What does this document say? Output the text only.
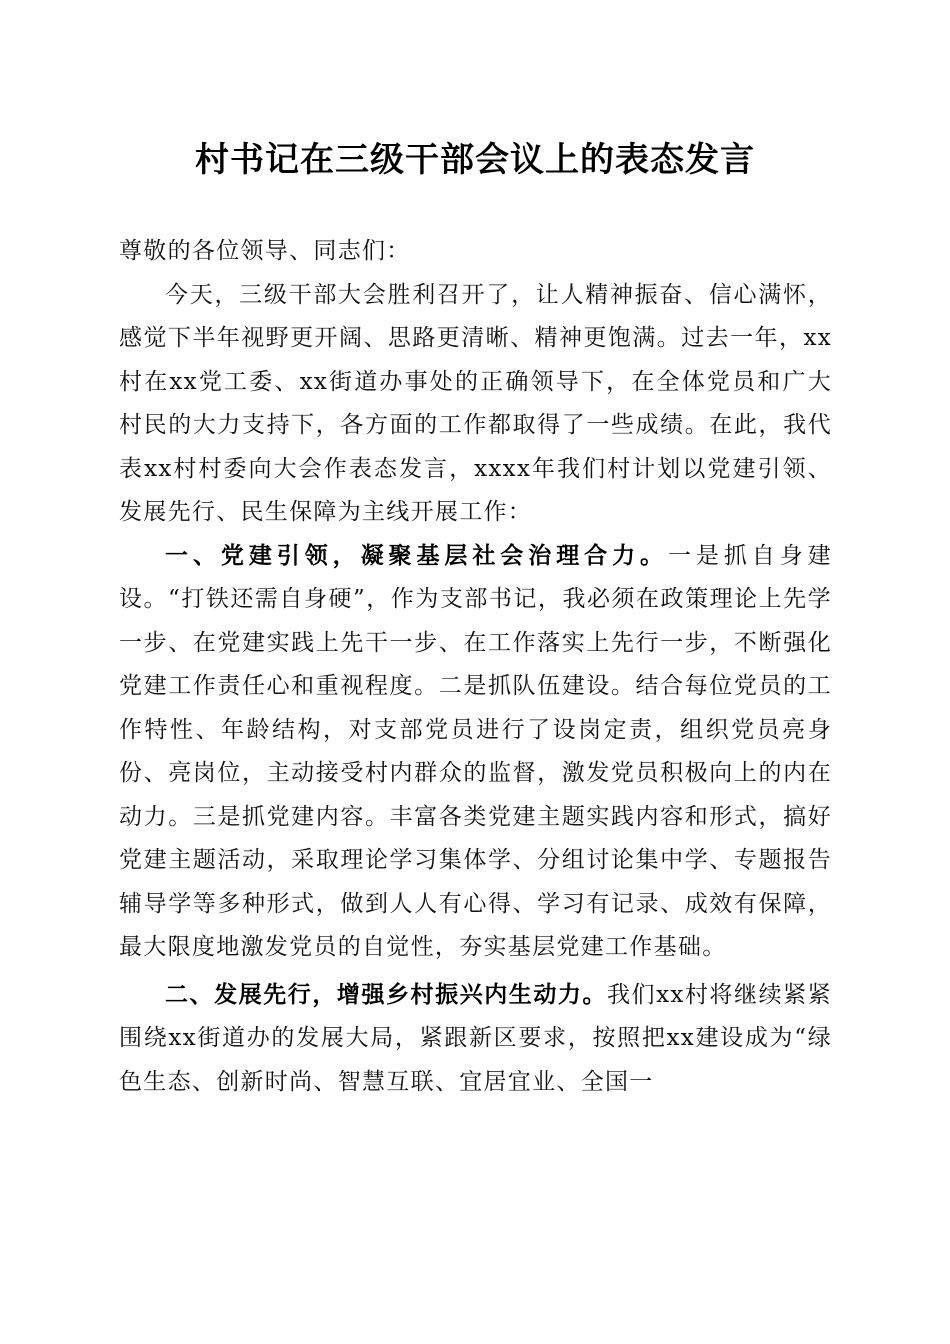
村书记在三级干部会议上的表态发言

尊敬的各位领导、同志们：

今天，三级干部大会胜利召开了，让人精神振奋、信心满怀，感觉下半年视野更开阔、思路更清晰、精神更饱满。过去一年，xx村在xx党工委、xx街道办事处的正确领导下，在全体党员和广大村民的大力支持下，各方面的工作都取得了一些成绩。在此，我代表xx村村委向大会作表态发言，xxxx年我们村计划以党建引领、发展先行、民生保障为主线开展工作：

一、党建引领，凝聚基层社会治理合力。一是抓自身建设。“打铁还需自身硬”，作为支部书记，我必须在政策理论上先学一步、在党建实践上先干一步、在工作落实上先行一步，不断强化党建工作责任心和重视程度。二是抓队伍建设。结合每位党员的工作特性、年龄结构，对支部党员进行了设岗定责，组织党员亮身份、亮岗位，主动接受村内群众的监督，激发党员积极向上的内在动力。三是抓党建内容。丰富各类党建主题实践内容和形式，搞好党建主题活动，采取理论学习集体学、分组讨论集中学、专题报告辅导学等多种形式，做到人人有心得、学习有记录、成效有保障，最大限度地激发党员的自觉性，夯实基层党建工作基础。

二、发展先行，增强乡村振兴内生动力。我们xx村将继续紧紧围绕xx街道办的发展大局，紧跟新区要求，按照把xx建设成为“绿色生态、创新时尚、智慧互联、宜居宜业、全国一
